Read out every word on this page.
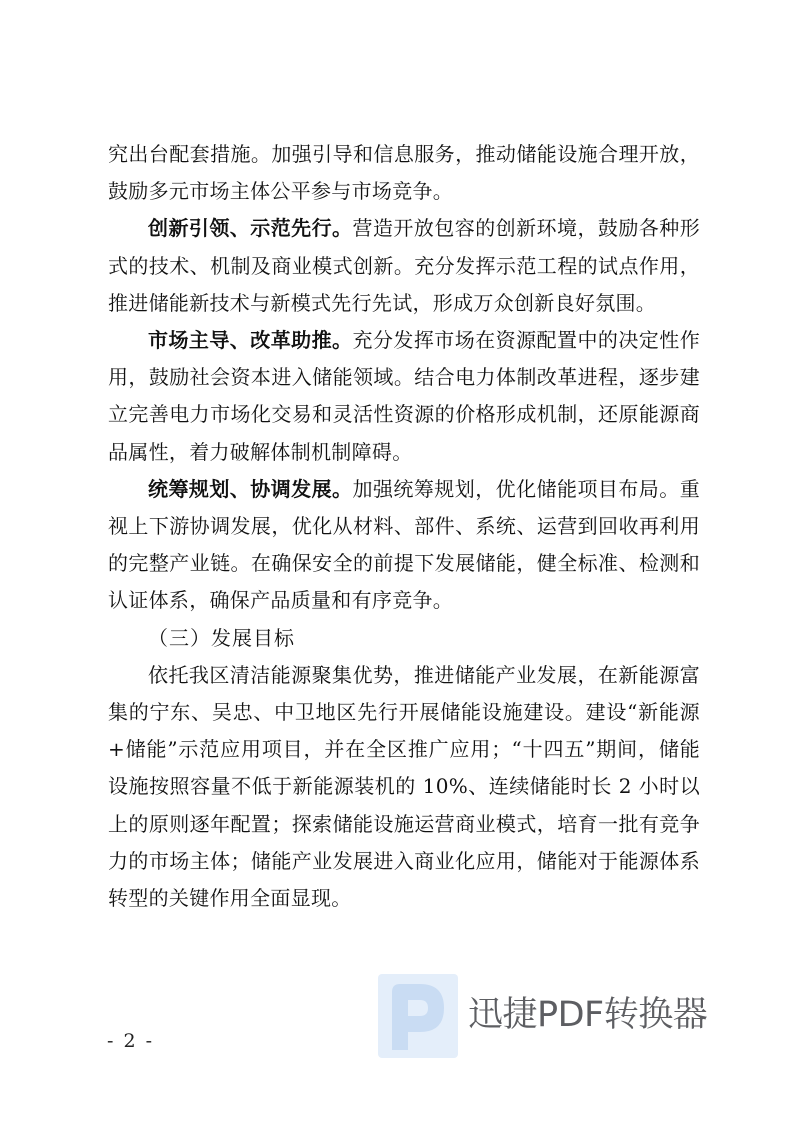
究出台配套措施。加强引导和信息服务，推动储能设施合理开放，鼓励多元市场主体公平参与市场竞争。

创新引领、示范先行。营造开放包容的创新环境，鼓励各种形式的技术、机制及商业模式创新。充分发挥示范工程的试点作用，推进储能新技术与新模式先行先试，形成万众创新良好氛围。

市场主导、改革助推。充分发挥市场在资源配置中的决定性作用，鼓励社会资本进入储能领域。结合电力体制改革进程，逐步建立完善电力市场化交易和灵活性资源的价格形成机制，还原能源商品属性，着力破解体制机制障碍。

统筹规划、协调发展。加强统筹规划，优化储能项目布局。重视上下游协调发展，优化从材料、部件、系统、运营到回收再利用的完整产业链。在确保安全的前提下发展储能，健全标准、检测和认证体系，确保产品质量和有序竞争。

（三）发展目标

依托我区清洁能源聚集优势，推进储能产业发展，在新能源富集的宁东、吴忠、中卫地区先行开展储能设施建设。建设“新能源+储能”示范应用项目，并在全区推广应用；“十四五”期间，储能设施按照容量不低于新能源装机的 10%、连续储能时长 2 小时以上的原则逐年配置；探索储能设施运营商业模式，培育一批有竞争力的市场主体；储能产业发展进入商业化应用，储能对于能源体系转型的关键作用全面显现。

- 2 -
迅捷PDF转换器
